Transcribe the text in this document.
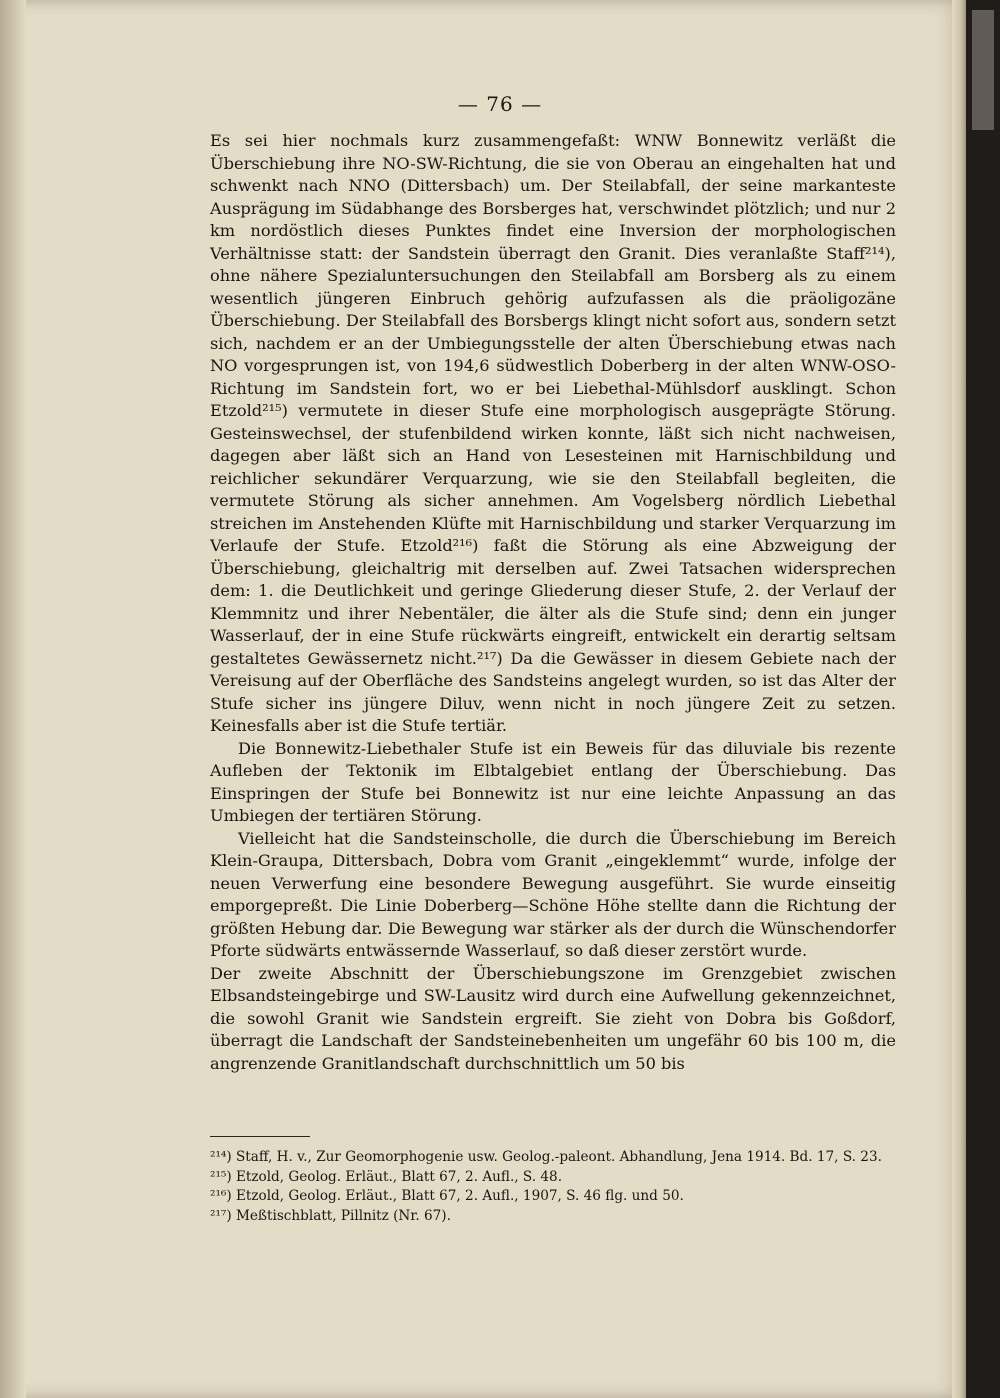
— 76 —

Es sei hier nochmals kurz zusammengefaßt: WNW Bonnewitz verläßt die Überschiebung ihre NO-SW-Richtung, die sie von Oberau an eingehalten hat und schwenkt nach NNO (Dittersbach) um. Der Steilabfall, der seine markanteste Ausprägung im Südabhange des Borsberges hat, verschwindet plötzlich; und nur 2 km nordöstlich dieses Punktes findet eine Inversion der morphologischen Verhältnisse statt: der Sandstein überragt den Granit. Dies veranlaßte Staff²¹⁴), ohne nähere Spezialuntersuchungen den Steilabfall am Borsberg als zu einem wesentlich jüngeren Einbruch gehörig aufzufassen als die präoligozäne Überschiebung. Der Steilabfall des Borsbergs klingt nicht sofort aus, sondern setzt sich, nachdem er an der Umbiegungsstelle der alten Überschiebung etwas nach NO vorgesprungen ist, von 194,6 südwestlich Doberberg in der alten WNW-OSO-Richtung im Sandstein fort, wo er bei Liebethal-Mühlsdorf ausklingt. Schon Etzold²¹⁵) vermutete in dieser Stufe eine morphologisch ausgeprägte Störung. Gesteinswechsel, der stufenbildend wirken konnte, läßt sich nicht nachweisen, dagegen aber läßt sich an Hand von Lesesteinen mit Harnischbildung und reichlicher sekundärer Verquarzung, wie sie den Steilabfall begleiten, die vermutete Störung als sicher annehmen. Am Vogelsberg nördlich Liebethal streichen im Anstehenden Klüfte mit Harnischbildung und starker Verquarzung im Verlaufe der Stufe. Etzold²¹⁶) faßt die Störung als eine Abzweigung der Überschiebung, gleichaltrig mit derselben auf. Zwei Tatsachen widersprechen dem: 1. die Deutlichkeit und geringe Gliederung dieser Stufe, 2. der Verlauf der Klemmnitz und ihrer Nebentäler, die älter als die Stufe sind; denn ein junger Wasserlauf, der in eine Stufe rückwärts eingreift, entwickelt ein derartig seltsam gestaltetes Gewässernetz nicht.²¹⁷) Da die Gewässer in diesem Gebiete nach der Vereisung auf der Oberfläche des Sandsteins angelegt wurden, so ist das Alter der Stufe sicher ins jüngere Diluv, wenn nicht in noch jüngere Zeit zu setzen. Keinesfalls aber ist die Stufe tertiär.

Die Bonnewitz-Liebethaler Stufe ist ein Beweis für das diluviale bis rezente Aufleben der Tektonik im Elbtalgebiet entlang der Überschiebung. Das Einspringen der Stufe bei Bonnewitz ist nur eine leichte Anpassung an das Umbiegen der tertiären Störung.

Vielleicht hat die Sandsteinscholle, die durch die Überschiebung im Bereich Klein-Graupa, Dittersbach, Dobra vom Granit „eingeklemmt“ wurde, infolge der neuen Verwerfung eine besondere Bewegung ausgeführt. Sie wurde einseitig emporgepreßt. Die Linie Doberberg—Schöne Höhe stellte dann die Richtung der größten Hebung dar. Die Bewegung war stärker als der durch die Wünschendorfer Pforte südwärts entwässernde Wasserlauf, so daß dieser zerstört wurde.

Der zweite Abschnitt der Überschiebungszone im Grenzgebiet zwischen Elbsandsteingebirge und SW-Lausitz wird durch eine Aufwellung gekennzeichnet, die sowohl Granit wie Sandstein ergreift. Sie zieht von Dobra bis Goßdorf, überragt die Landschaft der Sandsteinebenheiten um ungefähr 60 bis 100 m, die angrenzende Granitlandschaft durchschnittlich um 50 bis

²¹⁴) Staff, H. v., Zur Geomorphogenie usw. Geolog.-paleont. Abhandlung, Jena 1914. Bd. 17, S. 23.

²¹⁵) Etzold, Geolog. Erläut., Blatt 67, 2. Aufl., S. 48.

²¹⁶) Etzold, Geolog. Erläut., Blatt 67, 2. Aufl., 1907, S. 46 flg. und 50.

²¹⁷) Meßtischblatt, Pillnitz (Nr. 67).
